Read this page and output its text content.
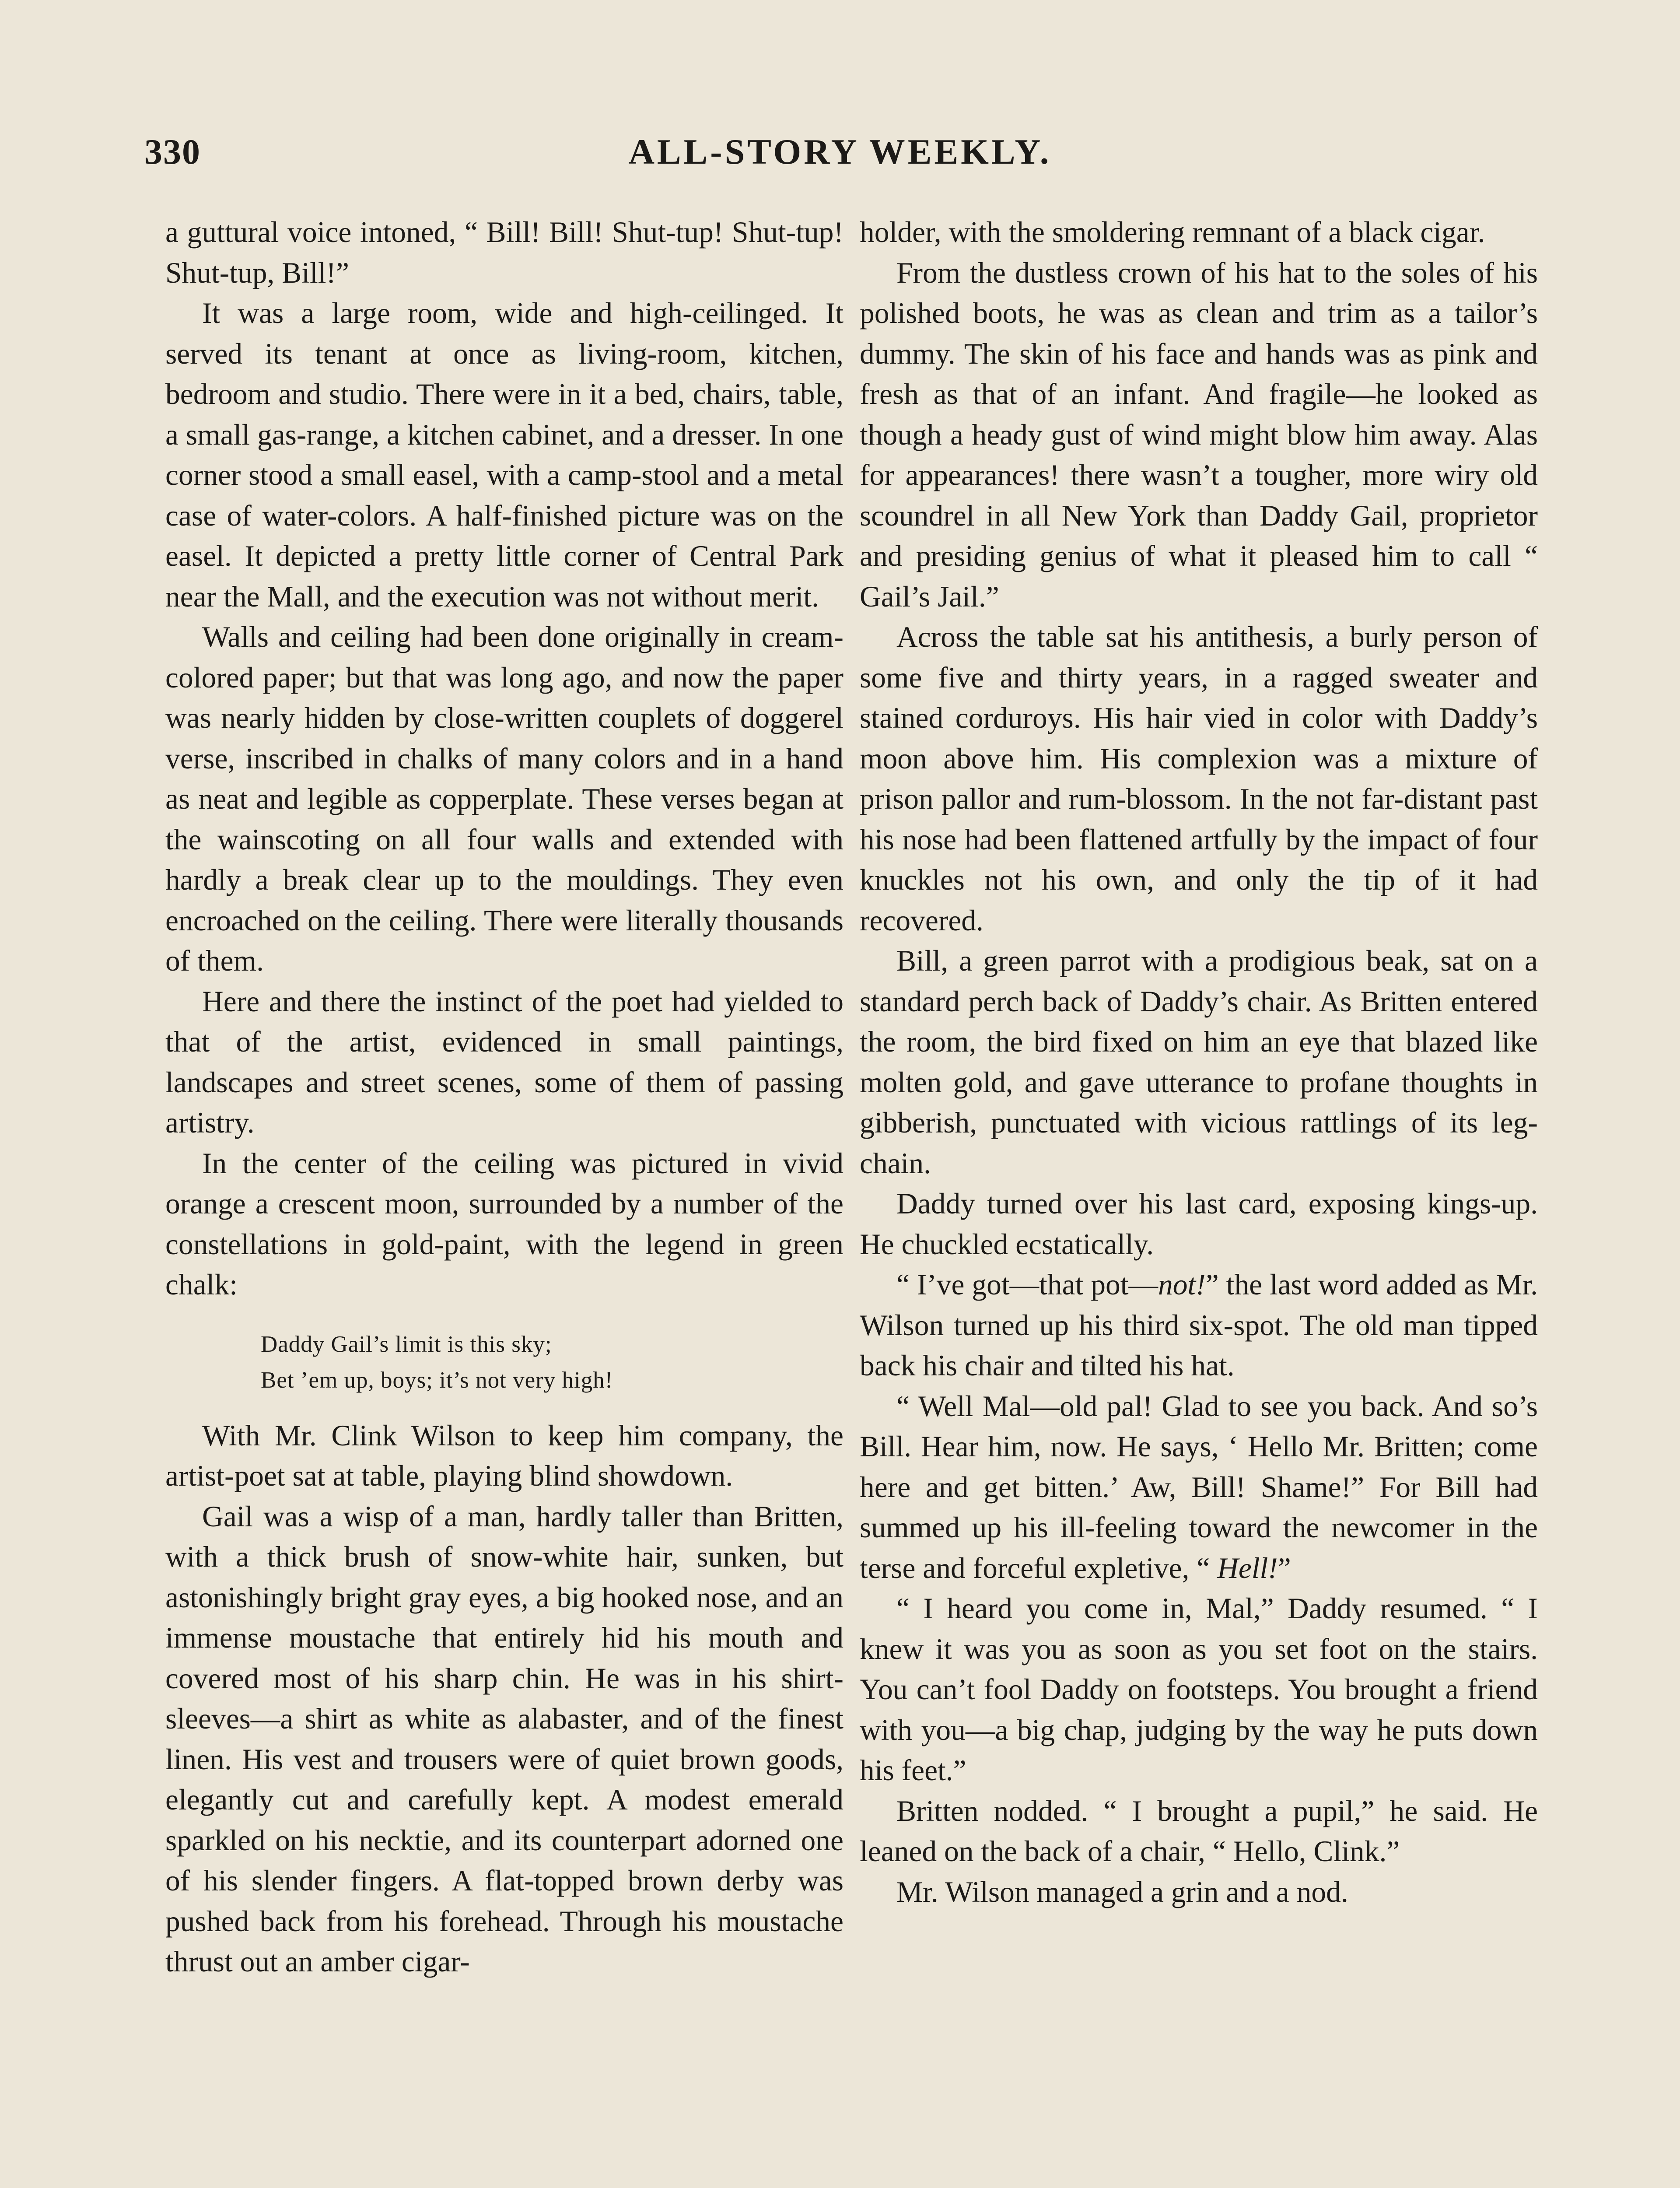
330	ALL-STORY WEEKLY.

a guttural voice intoned, “ Bill! Bill! Shut-tup! Shut-tup! Shut-tup, Bill!”

It was a large room, wide and high-ceilinged. It served its tenant at once as living-room, kitchen, bedroom and studio. There were in it a bed, chairs, table, a small gas-range, a kitchen cabinet, and a dresser. In one corner stood a small easel, with a camp-stool and a metal case of water-colors. A half-finished picture was on the easel. It depicted a pretty little corner of Central Park near the Mall, and the execution was not without merit.

Walls and ceiling had been done originally in cream-colored paper; but that was long ago, and now the paper was nearly hidden by close-written couplets of doggerel verse, inscribed in chalks of many colors and in a hand as neat and legible as copperplate. These verses began at the wainscoting on all four walls and extended with hardly a break clear up to the mouldings. They even encroached on the ceiling. There were literally thousands of them.

Here and there the instinct of the poet had yielded to that of the artist, evidenced in small paintings, landscapes and street scenes, some of them of passing artistry.

In the center of the ceiling was pictured in vivid orange a crescent moon, surrounded by a number of the constellations in gold-paint, with the legend in green chalk:

Daddy Gail’s limit is this sky;
Bet ’em up, boys; it’s not very high!

With Mr. Clink Wilson to keep him company, the artist-poet sat at table, playing blind showdown.

Gail was a wisp of a man, hardly taller than Britten, with a thick brush of snow-white hair, sunken, but astonishingly bright gray eyes, a big hooked nose, and an immense moustache that entirely hid his mouth and covered most of his sharp chin. He was in his shirt-sleeves—a shirt as white as alabaster, and of the finest linen. His vest and trousers were of quiet brown goods, elegantly cut and carefully kept. A modest emerald sparkled on his necktie, and its counterpart adorned one of his slender fingers. A flat-topped brown derby was pushed back from his forehead. Through his moustache thrust out an amber cigar-

holder, with the smoldering remnant of a black cigar.

From the dustless crown of his hat to the soles of his polished boots, he was as clean and trim as a tailor’s dummy. The skin of his face and hands was as pink and fresh as that of an infant. And fragile—he looked as though a heady gust of wind might blow him away. Alas for appearances! there wasn’t a tougher, more wiry old scoundrel in all New York than Daddy Gail, proprietor and presiding genius of what it pleased him to call “ Gail’s Jail.”

Across the table sat his antithesis, a burly person of some five and thirty years, in a ragged sweater and stained corduroys. His hair vied in color with Daddy’s moon above him. His complexion was a mixture of prison pallor and rum-blossom. In the not far-distant past his nose had been flattened artfully by the impact of four knuckles not his own, and only the tip of it had recovered.

Bill, a green parrot with a prodigious beak, sat on a standard perch back of Daddy’s chair. As Britten entered the room, the bird fixed on him an eye that blazed like molten gold, and gave utterance to profane thoughts in gibberish, punctuated with vicious rattlings of its leg-chain.

Daddy turned over his last card, exposing kings-up. He chuckled ecstatically.

“ I’ve got—that pot—not!” the last word added as Mr. Wilson turned up his third six-spot. The old man tipped back his chair and tilted his hat.

“ Well Mal—old pal! Glad to see you back. And so’s Bill. Hear him, now. He says, ‘ Hello Mr. Britten; come here and get bitten.’ Aw, Bill! Shame!” For Bill had summed up his ill-feeling toward the newcomer in the terse and forceful expletive, “ Hell!”

“ I heard you come in, Mal,” Daddy resumed. “ I knew it was you as soon as you set foot on the stairs. You can’t fool Daddy on footsteps. You brought a friend with you—a big chap, judging by the way he puts down his feet.”

Britten nodded. “ I brought a pupil,” he said. He leaned on the back of a chair, “ Hello, Clink.”

Mr. Wilson managed a grin and a nod.
